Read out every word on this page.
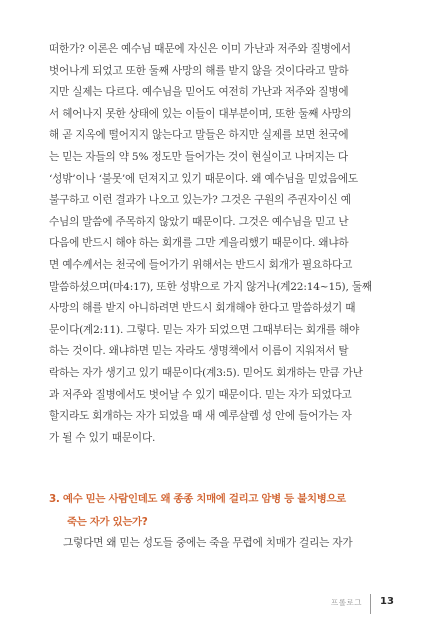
떠한가? 이론은 예수님 때문에 자신은 이미 가난과 저주와 질병에서
벗어나게 되었고 또한 둘째 사망의 해를 받지 않을 것이다라고 말하
지만 실제는 다르다. 예수님을 믿어도 여전히 가난과 저주와 질병에
서 헤어나지 못한 상태에 있는 이들이 대부분이며, 또한 둘째 사망의
해 곧 지옥에 떨어지지 않는다고 말들은 하지만 실제를 보면 천국에
는 믿는 자들의 약 5% 정도만 들어가는 것이 현실이고 나머지는 다
‘성밖’이나 ‘불못’에 던져지고 있기 때문이다. 왜 예수님을 믿었음에도
불구하고 이런 결과가 나오고 있는가? 그것은 구원의 주권자이신 예
수님의 말씀에 주목하지 않았기 때문이다. 그것은 예수님을 믿고 난
다음에 반드시 해야 하는 회개를 그만 게을리했기 때문이다. 왜냐하
면 예수께서는 천국에 들어가기 위해서는 반드시 회개가 필요하다고
말씀하셨으며(마4:17), 또한 성밖으로 가지 않거나(계22:14~15), 둘째
사망의 해를 받지 아니하려면 반드시 회개해야 한다고 말씀하셨기 때
문이다(계2:11). 그렇다. 믿는 자가 되었으면 그때부터는 회개를 해야
하는 것이다. 왜냐하면 믿는 자라도 생명책에서 이름이 지워져서 탈
락하는 자가 생기고 있기 때문이다(계3:5). 믿어도 회개하는 만큼 가난
과 저주와 질병에서도 벗어날 수 있기 때문이다. 믿는 자가 되었다고
할지라도 회개하는 자가 되었을 때 새 예루살렘 성 안에 들어가는 자
가 될 수 있기 때문이다.
3. 예수 믿는 사람인데도 왜 종종 치매에 걸리고 암병 등 불치병으로
죽는 자가 있는가?
그렇다면 왜 믿는 성도들 중에는 죽을 무렵에 치매가 걸리는 자가
프롤로그 13
